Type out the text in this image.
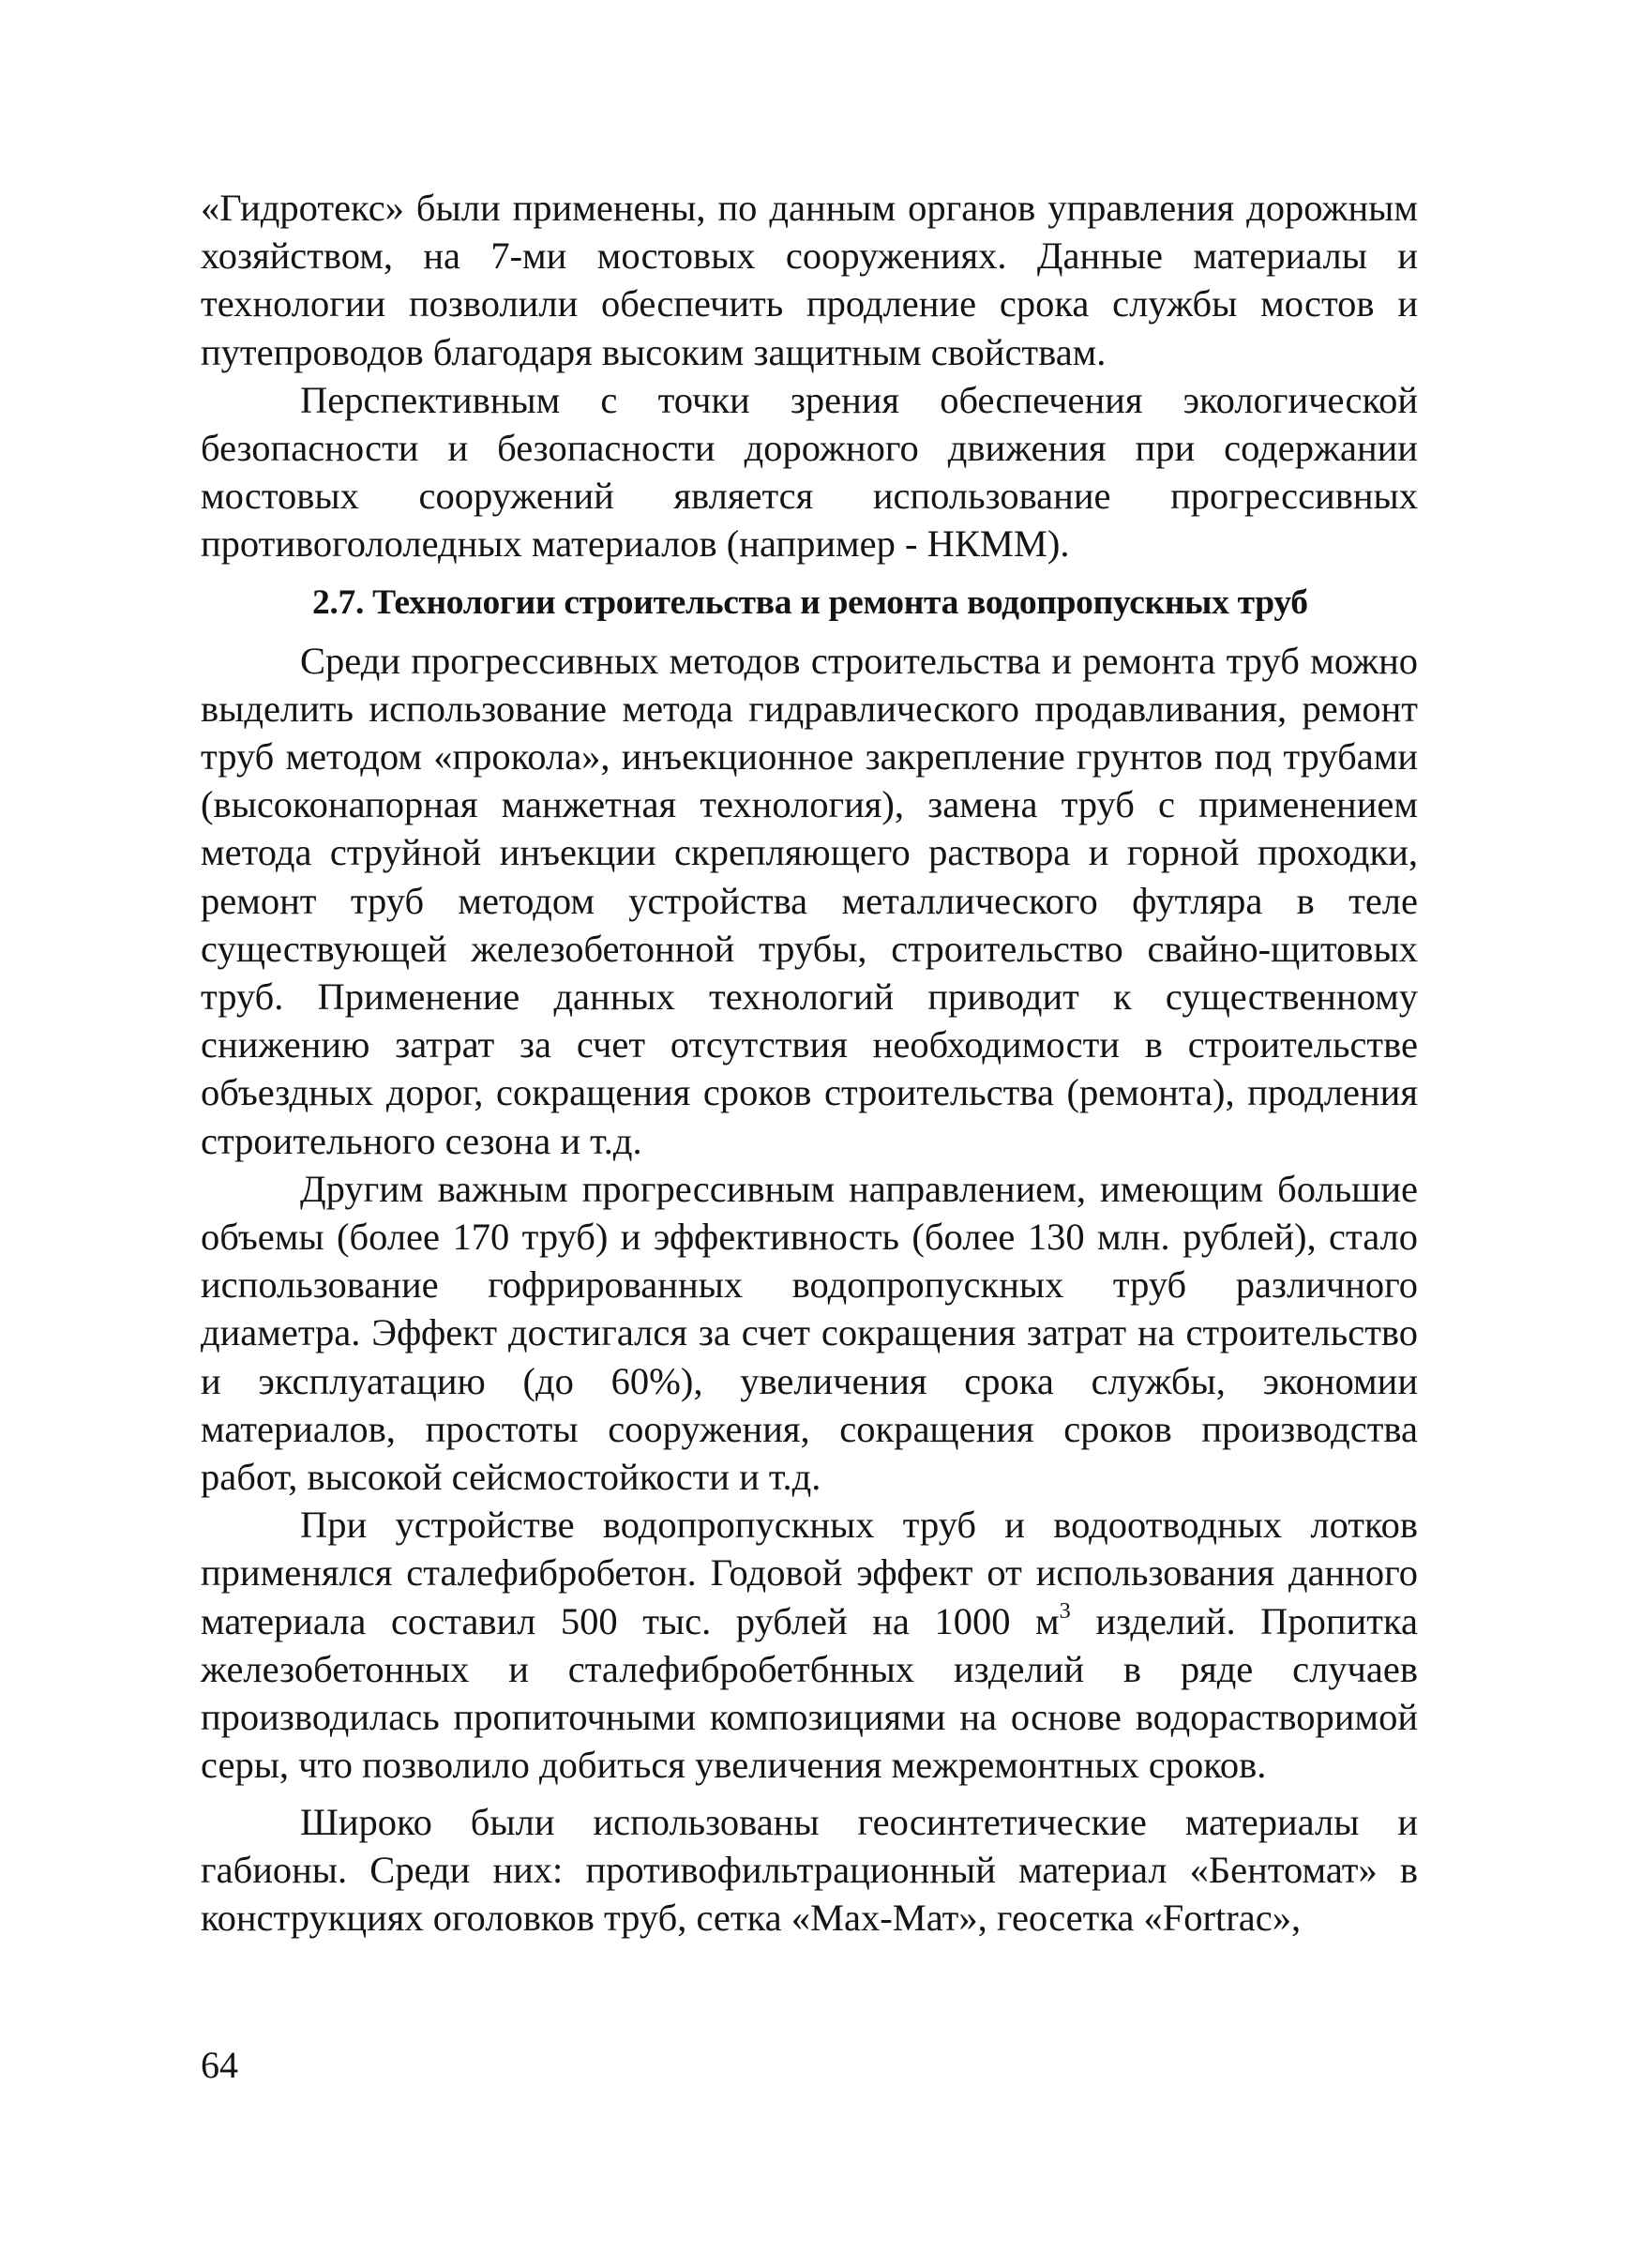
«Гидротекс» были применены, по данным органов управления дорожным хозяйством, на 7-ми мостовых сооружениях. Данные материалы и технологии позволили обеспечить продление срока службы мостов и путепроводов благодаря высоким защитным свойствам.

Перспективным с точки зрения обеспечения экологической безопасности и безопасности дорожного движения при содержании мостовых сооружений является использование прогрессивных противогололедных материалов (например - НКММ).

2.7. Технологии строительства и ремонта водопропускных труб

Среди прогрессивных методов строительства и ремонта труб можно выделить использование метода гидравлического продавливания, ремонт труб методом «прокола», инъекционное закрепление грунтов под трубами (высоконапорная манжетная технология), замена труб с применением метода струйной инъекции скрепляющего раствора и горной проходки, ремонт труб методом устройства металлического футляра в теле существующей железобетонной трубы, строительство свайно-щитовых труб. Применение данных технологий приводит к существенному снижению затрат за счет отсутствия необходимости в строительстве объездных дорог, сокращения сроков строительства (ремонта), продления строительного сезона и т.д.

Другим важным прогрессивным направлением, имеющим большие объемы (более 170 труб) и эффективность (более 130 млн. рублей), стало использование гофрированных водопропускных труб различного диаметра. Эффект достигался за счет сокращения затрат на строительство и эксплуатацию (до 60%), увеличения срока службы, экономии материалов, простоты сооружения, сокращения сроков производства работ, высокой сейсмостойкости и т.д.

При устройстве водопропускных труб и водоотводных лотков применялся сталефибробетон. Годовой эффект от использования данного материала составил 500 тыс. рублей на 1000 $м^3$ изделий. Пропитка железобетонных и сталефибробетбнных изделий в ряде случаев производилась пропиточными композициями на основе водорастворимой серы, что позволило добиться увеличения межремонтных сроков.

Широко были использованы геосинтетические материалы и габионы. Среди них: противофильтрационный материал «Бентомат» в конструкциях оголовков труб, сетка «Мах-Мат», геосетка «Fortrac»,

64
